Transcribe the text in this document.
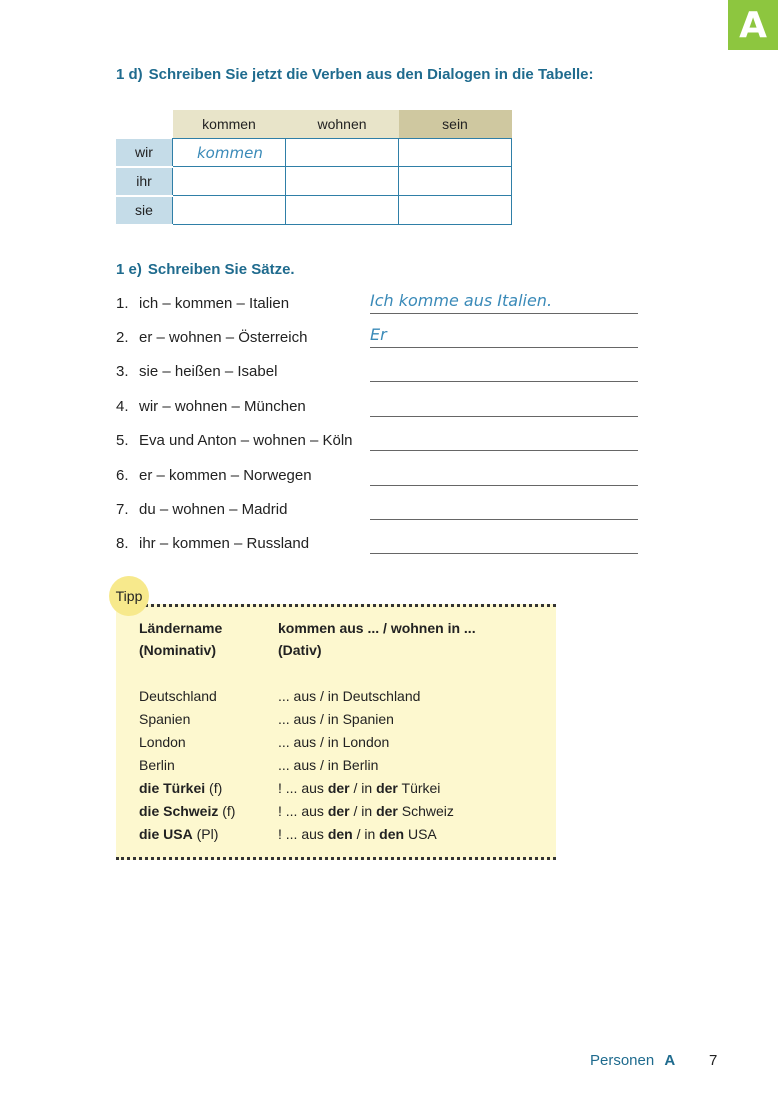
A
1 d) Schreiben Sie jetzt die Verben aus den Dialogen in die Tabelle:
	kommen	wohnen	sein
wir	kommen		

ihr			
sie			
1 e) Schreiben Sie Sätze.
1. ich – kommen – Italien	Ich komme aus Italien.
2. er – wohnen – Österreich	Er
3. sie – heißen – Isabel
4. wir – wohnen – München
5. Eva und Anton – wohnen – Köln
6. er – kommen – Norwegen
7. du – wohnen – Madrid
8. ihr – kommen – Russland
Tipp
Ländername	kommen aus ... / wohnen in ...
(Nominativ)	(Dativ)
Deutschland	... aus / in Deutschland
Spanien	... aus / in Spanien
London	... aus / in London
Berlin	... aus / in Berlin
die Türkei (f)	! ... aus der / in der Türkei
die Schweiz (f)	! ... aus der / in der Schweiz
die USA (Pl)	! ... aus den / in den USA
Personen A 7
